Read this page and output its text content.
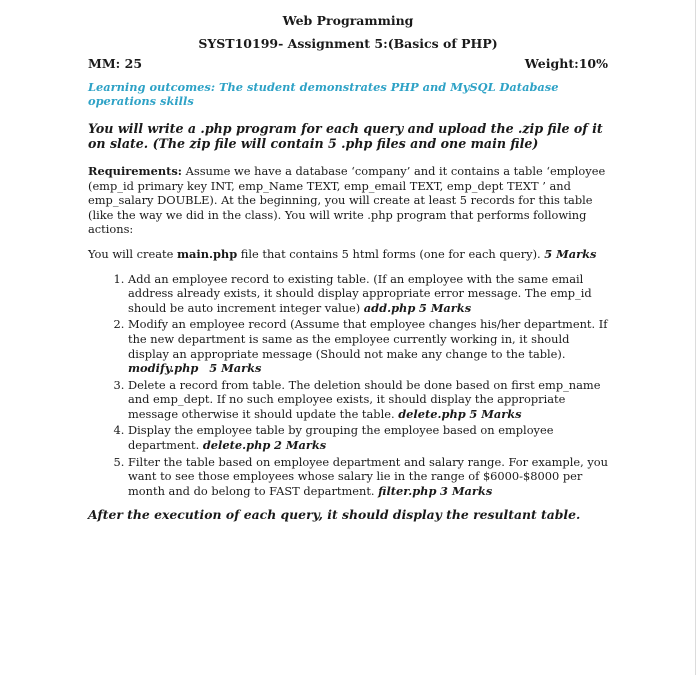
Web Programming
SYST10199- Assignment 5:(Basics of PHP)
MM: 25	Weight:10%
Learning outcomes: The student demonstrates PHP and MySQL Database operations skills
You will write a .php program for each query and upload the .zip file of it on slate. (The zip file will contain 5 .php files and one main file)
Requirements: Assume we have a database ‘company’ and it contains a table ‘employee (emp_id primary key INT, emp_Name TEXT, emp_email TEXT, emp_dept TEXT ’ and emp_salary DOUBLE). At the beginning, you will create at least 5 records for this table (like the way we did in the class). You will write .php program that performs following actions:
You will create main.php file that contains 5 html forms (one for each query). 5 Marks
1. Add an employee record to existing table. (If an employee with the same email address already exists, it should display appropriate error message. The emp_id should be auto increment integer value) add.php 5 Marks
2. Modify an employee record (Assume that employee changes his/her department. If the new department is same as the employee currently working in, it should display an appropriate message (Should not make any change to the table). modify.php 5 Marks
3. Delete a record from table. The deletion should be done based on first emp_name and emp_dept. If no such employee exists, it should display the appropriate message otherwise it should update the table. delete.php 5 Marks
4. Display the employee table by grouping the employee based on employee department. delete.php 2 Marks
5. Filter the table based on employee department and salary range. For example, you want to see those employees whose salary lie in the range of $6000-$8000 per month and do belong to FAST department. filter.php 3 Marks
After the execution of each query, it should display the resultant table.
